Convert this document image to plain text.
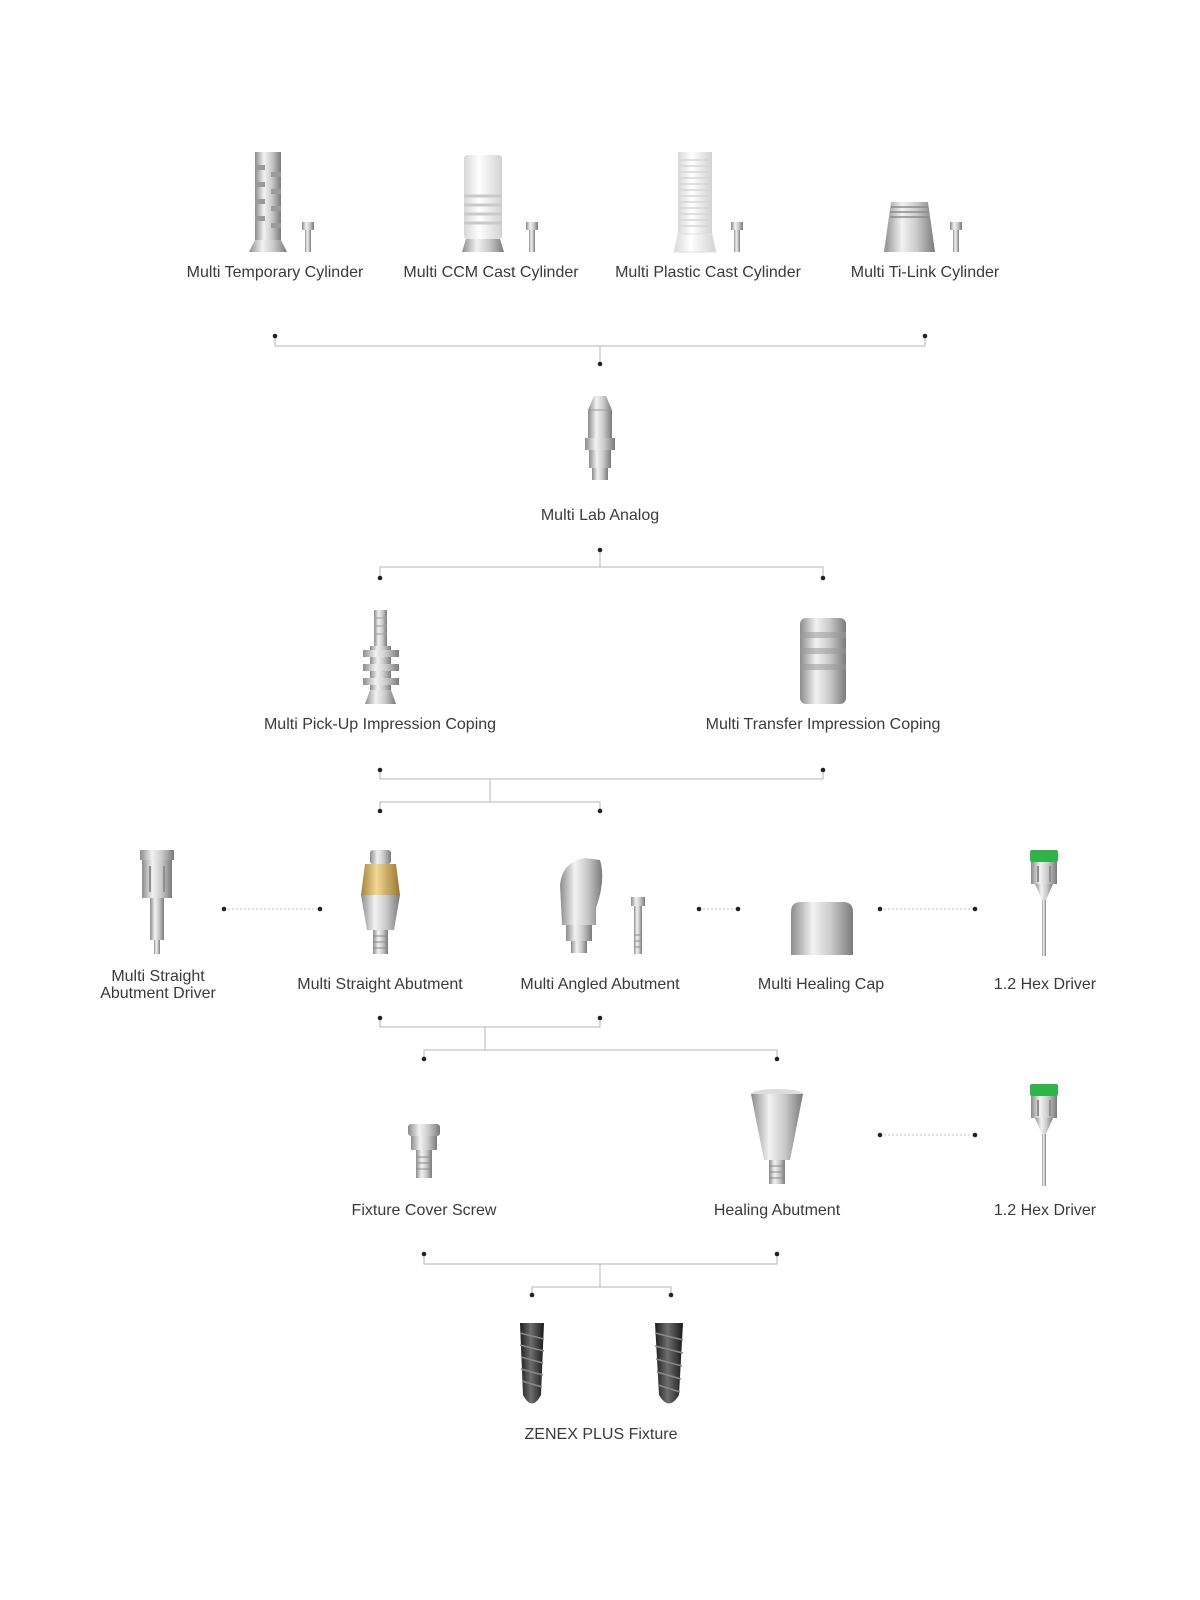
Multi Temporary Cylinder	Multi CCM Cast Cylinder Multi Plastic Cast Cylinder	Multi Ti-Link Cylinder
Multi Lab Analog
Multi Pick-Up Impression Coping	Multi Transfer Impression Coping
Multi Straight
Abutment Driver
Multi Straight Abutment	Multi Angled Abutment	Multi Healing Cap	1.2 Hex Driver
Fixture Cover Screw	Healing Abutment	1.2 Hex Driver
ZENEX PLUS Fixture
